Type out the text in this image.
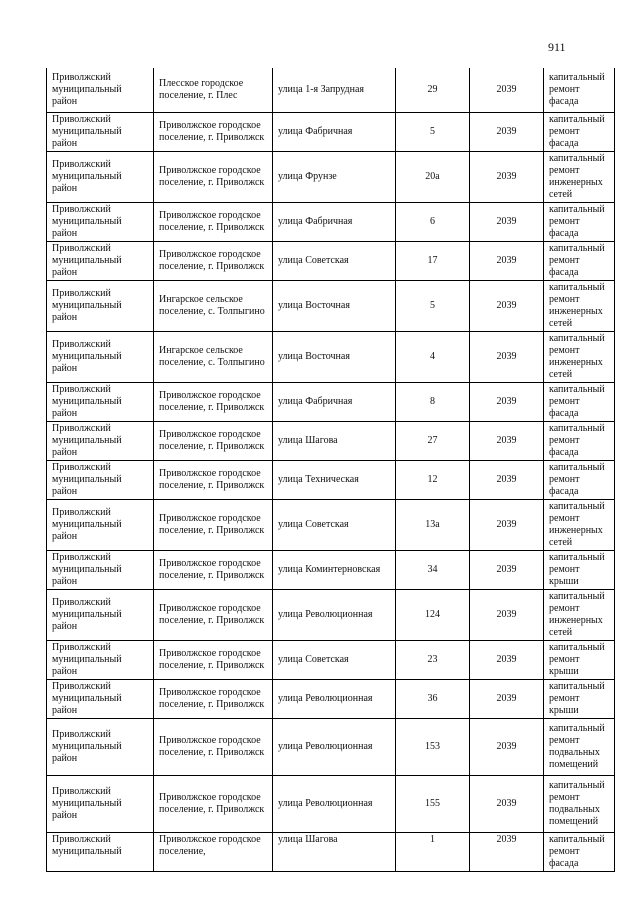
911
Приволжский муниципальный район	Плесское городское поселение, г. Плес	улица 1-я Запрудная	29	2039	капитальный ремонт фасада
Приволжский муниципальный район	Приволжское городское поселение, г. Приволжск	улица Фабричная	5	2039	капитальный ремонт фасада
Приволжский муниципальный район	Приволжское городское поселение, г. Приволжск	улица Фрунзе	20а	2039	капитальный ремонт инженерных сетей
Приволжский муниципальный район	Приволжское городское поселение, г. Приволжск	улица Фабричная	6	2039	капитальный ремонт фасада
Приволжский муниципальный район	Приволжское городское поселение, г. Приволжск	улица Советская	17	2039	капитальный ремонт фасада
Приволжский муниципальный район	Ингарское сельское поселение, с. Толпыгино	улица Восточная	5	2039	капитальный ремонт инженерных сетей
Приволжский муниципальный район	Ингарское сельское поселение, с. Толпыгино	улица Восточная	4	2039	капитальный ремонт инженерных сетей
Приволжский муниципальный район	Приволжское городское поселение, г. Приволжск	улица Фабричная	8	2039	капитальный ремонт фасада
Приволжский муниципальный район	Приволжское городское поселение, г. Приволжск	улица Шагова	27	2039	капитальный ремонт фасада
Приволжский муниципальный район	Приволжское городское поселение, г. Приволжск	улица Техническая	12	2039	капитальный ремонт фасада
Приволжский муниципальный район	Приволжское городское поселение, г. Приволжск	улица Советская	13а	2039	капитальный ремонт инженерных сетей
Приволжский муниципальный район	Приволжское городское поселение, г. Приволжск	улица Коминтерновская	34	2039	капитальный ремонт крыши
Приволжский муниципальный район	Приволжское городское поселение, г. Приволжск	улица Революционная	124	2039	капитальный ремонт инженерных сетей
Приволжский муниципальный район	Приволжское городское поселение, г. Приволжск	улица Советская	23	2039	капитальный ремонт крыши
Приволжский муниципальный район	Приволжское городское поселение, г. Приволжск	улица Революционная	36	2039	капитальный ремонт крыши
Приволжский муниципальный район	Приволжское городское поселение, г. Приволжск	улица Революционная	153	2039	капитальный ремонт подвальных помещений
Приволжский муниципальный район	Приволжское городское поселение, г. Приволжск	улица Революционная	155	2039	капитальный ремонт подвальных помещений
Приволжский муниципальный	Приволжское городское поселение,	улица Шагова	1	2039	капитальный ремонт фасада
